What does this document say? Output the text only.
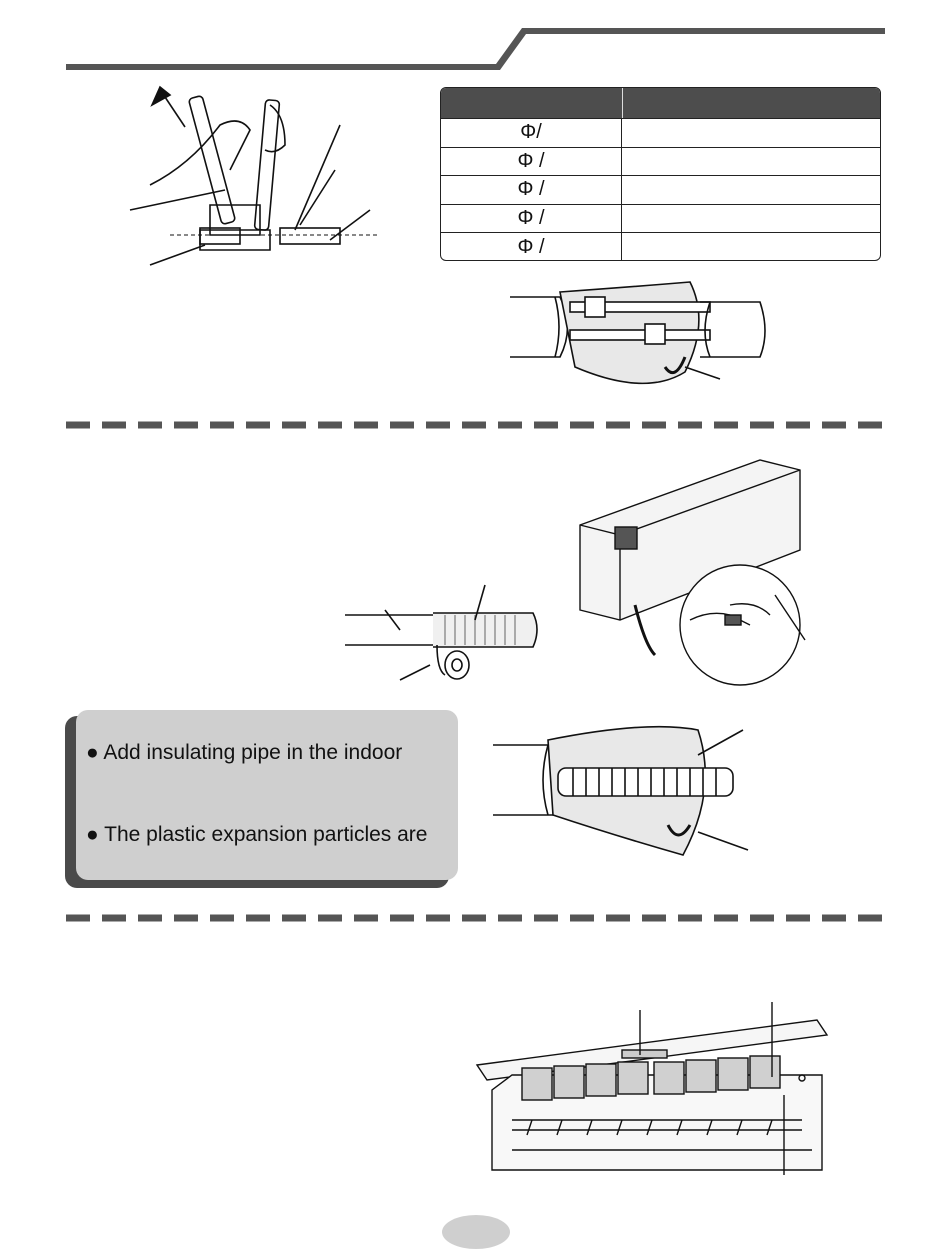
Φ/
Φ /
Φ /
Φ /
Φ /
● Add insulating pipe in the indoor
● The plastic expansion particles are
